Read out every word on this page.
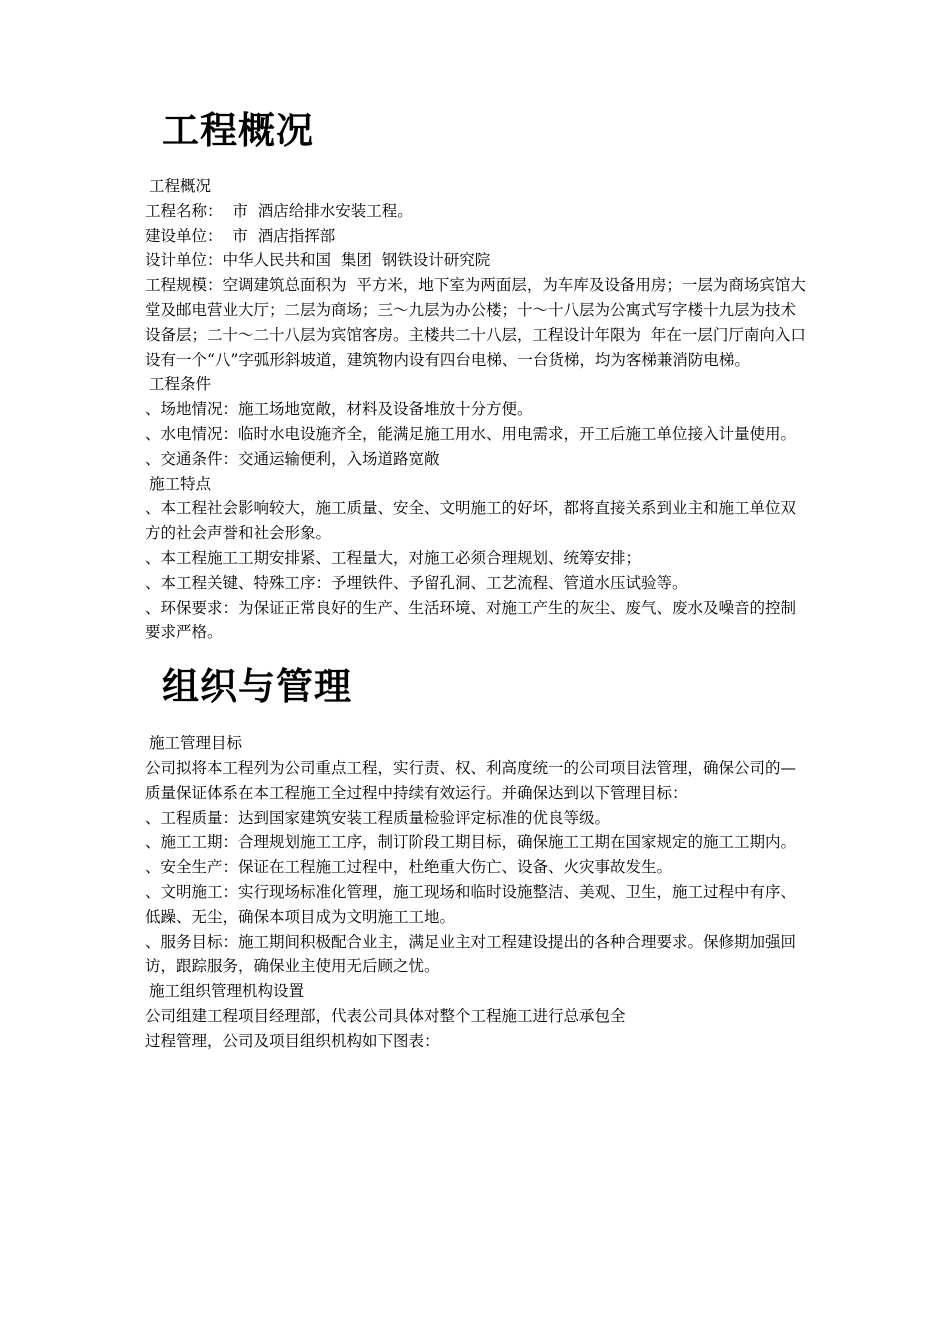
工程概况
工程概况
工程名称：  市  酒店给排水安装工程。
建设单位：  市  酒店指挥部
设计单位：中华人民共和国  集团  钢铁设计研究院
工程规模：空调建筑总面积为  平方米，地下室为两面层，为车库及设备用房；一层为商场宾馆大堂及邮电营业大厅；二层为商场；三～九层为办公楼；十～十八层为公寓式写字楼十九层为技术设备层；二十～二十八层为宾馆客房。主楼共二十八层，工程设计年限为  年在一层门厅南向入口设有一个“八”字弧形斜坡道，建筑物内设有四台电梯、一台货梯，均为客梯兼消防电梯。
工程条件
、场地情况：施工场地宽敞，材料及设备堆放十分方便。
、水电情况：临时水电设施齐全，能满足施工用水、用电需求，开工后施工单位接入计量使用。
、交通条件：交通运输便利，入场道路宽敞
施工特点
、本工程社会影响较大，施工质量、安全、文明施工的好坏，都将直接关系到业主和施工单位双方的社会声誉和社会形象。
、本工程施工工期安排紧、工程量大，对施工必须合理规划、统筹安排；
、本工程关键、特殊工序：予埋铁件、予留孔洞、工艺流程、管道水压试验等。
、环保要求：为保证正常良好的生产、生活环境、对施工产生的灰尘、废气、废水及噪音的控制要求严格。
组织与管理
施工管理目标
公司拟将本工程列为公司重点工程，实行责、权、利高度统一的公司项目法管理，确保公司的—  质量保证体系在本工程施工全过程中持续有效运行。并确保达到以下管理目标：
、工程质量：达到国家建筑安装工程质量检验评定标准的优良等级。
、施工工期：合理规划施工工序，制订阶段工期目标，确保施工工期在国家规定的施工工期内。
、安全生产：保证在工程施工过程中，杜绝重大伤亡、设备、火灾事故发生。
、文明施工：实行现场标准化管理，施工现场和临时设施整洁、美观、卫生，施工过程中有序、低躁、无尘，确保本项目成为文明施工工地。
、服务目标：施工期间积极配合业主，满足业主对工程建设提出的各种合理要求。保修期加强回访，跟踪服务，确保业主使用无后顾之忧。
施工组织管理机构设置
公司组建工程项目经理部，代表公司具体对整个工程施工进行总承包全
过程管理，公司及项目组织机构如下图表：
